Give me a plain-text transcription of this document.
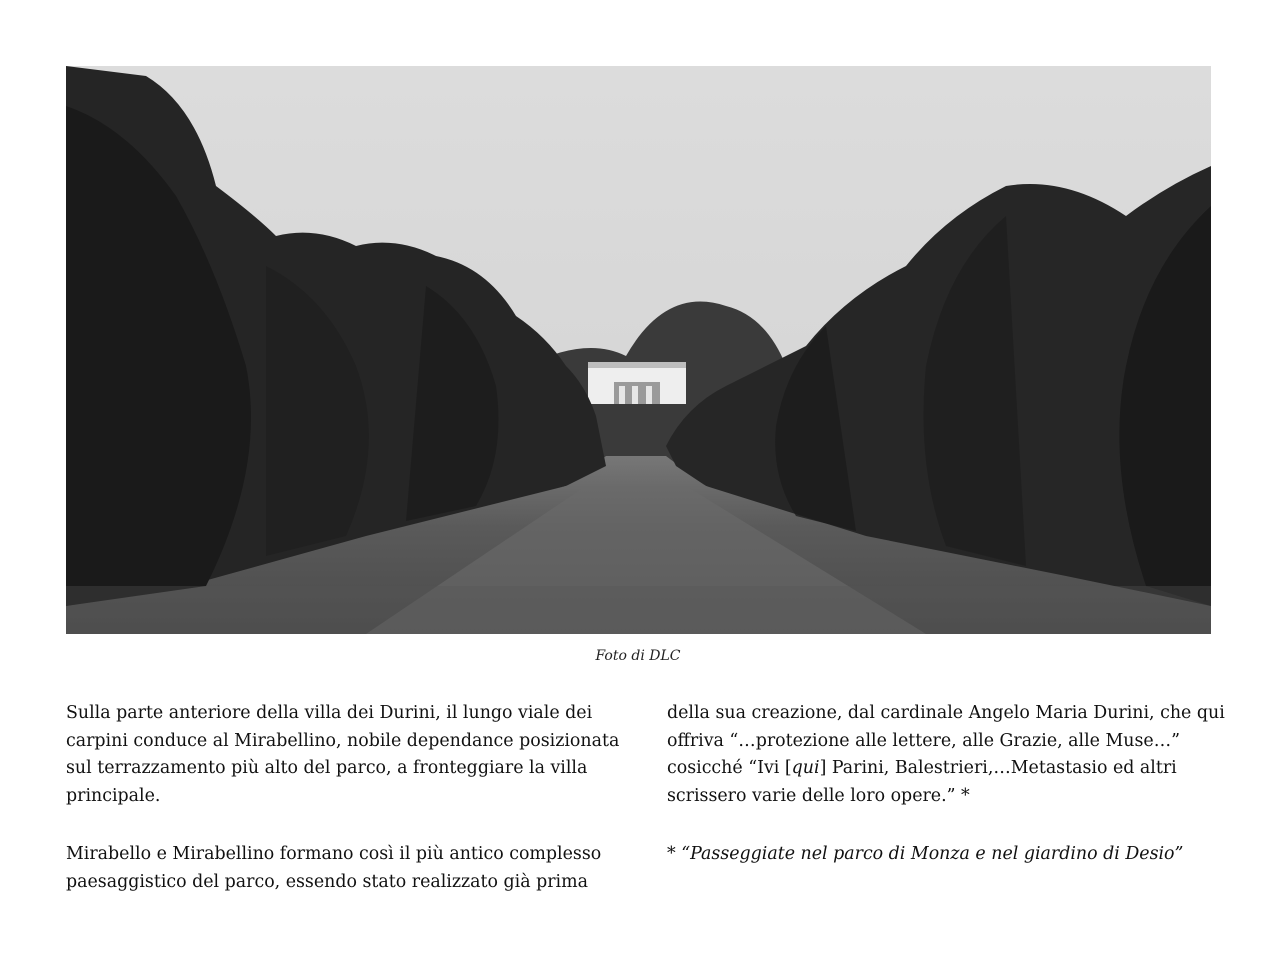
Foto di DLC

Sulla parte anteriore della villa dei Durini, il lungo viale dei carpini conduce al Mirabellino, nobile dependance posizionata sul terrazzamento più alto del parco, a fronteggiare la villa principale.

Mirabello e Mirabellino formano così il più antico complesso paesaggistico del parco, essendo stato realizzato già prima

della sua creazione, dal cardinale Angelo Maria Durini, che qui offriva “…protezione alle lettere, alle Grazie, alle Muse…” cosicché “Ivi [qui] Parini, Balestrieri,…Metastasio ed altri scrissero varie delle loro opere.” *

* “Passeggiate nel parco di Monza e nel giardino di Desio”
